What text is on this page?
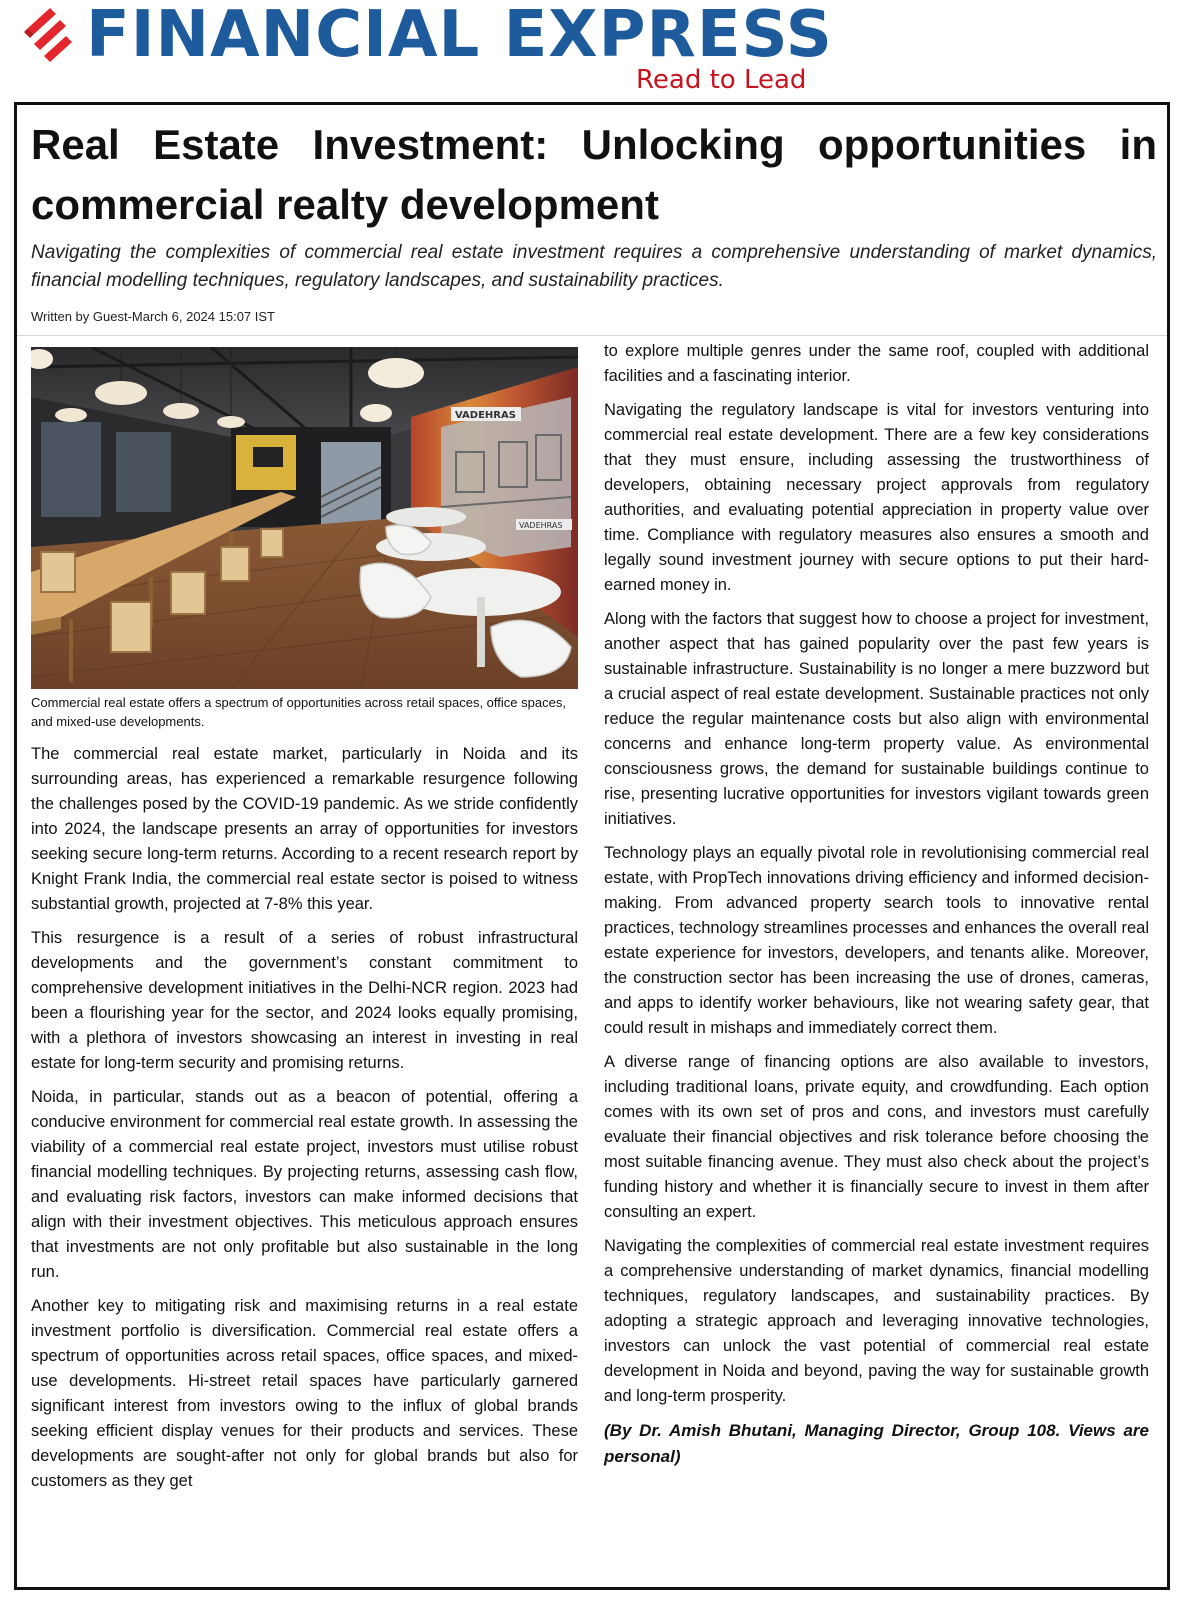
FINANCIAL EXPRESS
Read to Lead
Real Estate Investment: Unlocking opportunities in commercial realty development

Navigating the complexities of commercial real estate investment requires a comprehensive understanding of market dynamics, financial modelling techniques, regulatory landscapes, and sustainability practices.

Written by Guest-March 6, 2024 15:07 IST

VADEHRAS
VADEHRAS

Commercial real estate offers a spectrum of opportunities across retail spaces, office spaces, and mixed-use developments.

The commercial real estate market, particularly in Noida and its surrounding areas, has experienced a remarkable resurgence following the challenges posed by the COVID-19 pandemic. As we stride confidently into 2024, the landscape presents an array of opportunities for investors seeking secure long-term returns. According to a recent research report by Knight Frank India, the commercial real estate sector is poised to witness substantial growth, projected at 7-8% this year.

This resurgence is a result of a series of robust infrastructural developments and the government’s constant commitment to comprehensive development initiatives in the Delhi-NCR region. 2023 had been a flourishing year for the sector, and 2024 looks equally promising, with a plethora of investors showcasing an interest in investing in real estate for long-term security and promising returns.

Noida, in particular, stands out as a beacon of potential, offering a conducive environment for commercial real estate growth. In assessing the viability of a commercial real estate project, investors must utilise robust financial modelling techniques. By projecting returns, assessing cash flow, and evaluating risk factors, investors can make informed decisions that align with their investment objectives. This meticulous approach ensures that investments are not only profitable but also sustainable in the long run.

Another key to mitigating risk and maximising returns in a real estate investment portfolio is diversification. Commercial real estate offers a spectrum of opportunities across retail spaces, office spaces, and mixed-use developments. Hi-street retail spaces have particularly garnered significant interest from investors owing to the influx of global brands seeking efficient display venues for their products and services. These developments are sought-after not only for global brands but also for customers as they get

to explore multiple genres under the same roof, coupled with additional facilities and a fascinating interior.

Navigating the regulatory landscape is vital for investors venturing into commercial real estate development. There are a few key considerations that they must ensure, including assessing the trustworthiness of developers, obtaining necessary project approvals from regulatory authorities, and evaluating potential appreciation in property value over time. Compliance with regulatory measures also ensures a smooth and legally sound investment journey with secure options to put their hard-earned money in.

Along with the factors that suggest how to choose a project for investment, another aspect that has gained popularity over the past few years is sustainable infrastructure. Sustainability is no longer a mere buzzword but a crucial aspect of real estate development. Sustainable practices not only reduce the regular maintenance costs but also align with environmental concerns and enhance long-term property value. As environmental consciousness grows, the demand for sustainable buildings continue to rise, presenting lucrative opportunities for investors vigilant towards green initiatives.

Technology plays an equally pivotal role in revolutionising commercial real estate, with PropTech innovations driving efficiency and informed decision-making. From advanced property search tools to innovative rental practices, technology streamlines processes and enhances the overall real estate experience for investors, developers, and tenants alike. Moreover, the construction sector has been increasing the use of drones, cameras, and apps to identify worker behaviours, like not wearing safety gear, that could result in mishaps and immediately correct them.

A diverse range of financing options are also available to investors, including traditional loans, private equity, and crowdfunding. Each option comes with its own set of pros and cons, and investors must carefully evaluate their financial objectives and risk tolerance before choosing the most suitable financing avenue. They must also check about the project’s funding history and whether it is financially secure to invest in them after consulting an expert.

Navigating the complexities of commercial real estate investment requires a comprehensive understanding of market dynamics, financial modelling techniques, regulatory landscapes, and sustainability practices. By adopting a strategic approach and leveraging innovative technologies, investors can unlock the vast potential of commercial real estate development in Noida and beyond, paving the way for sustainable growth and long-term prosperity.

(By Dr. Amish Bhutani, Managing Director, Group 108. Views are personal)
